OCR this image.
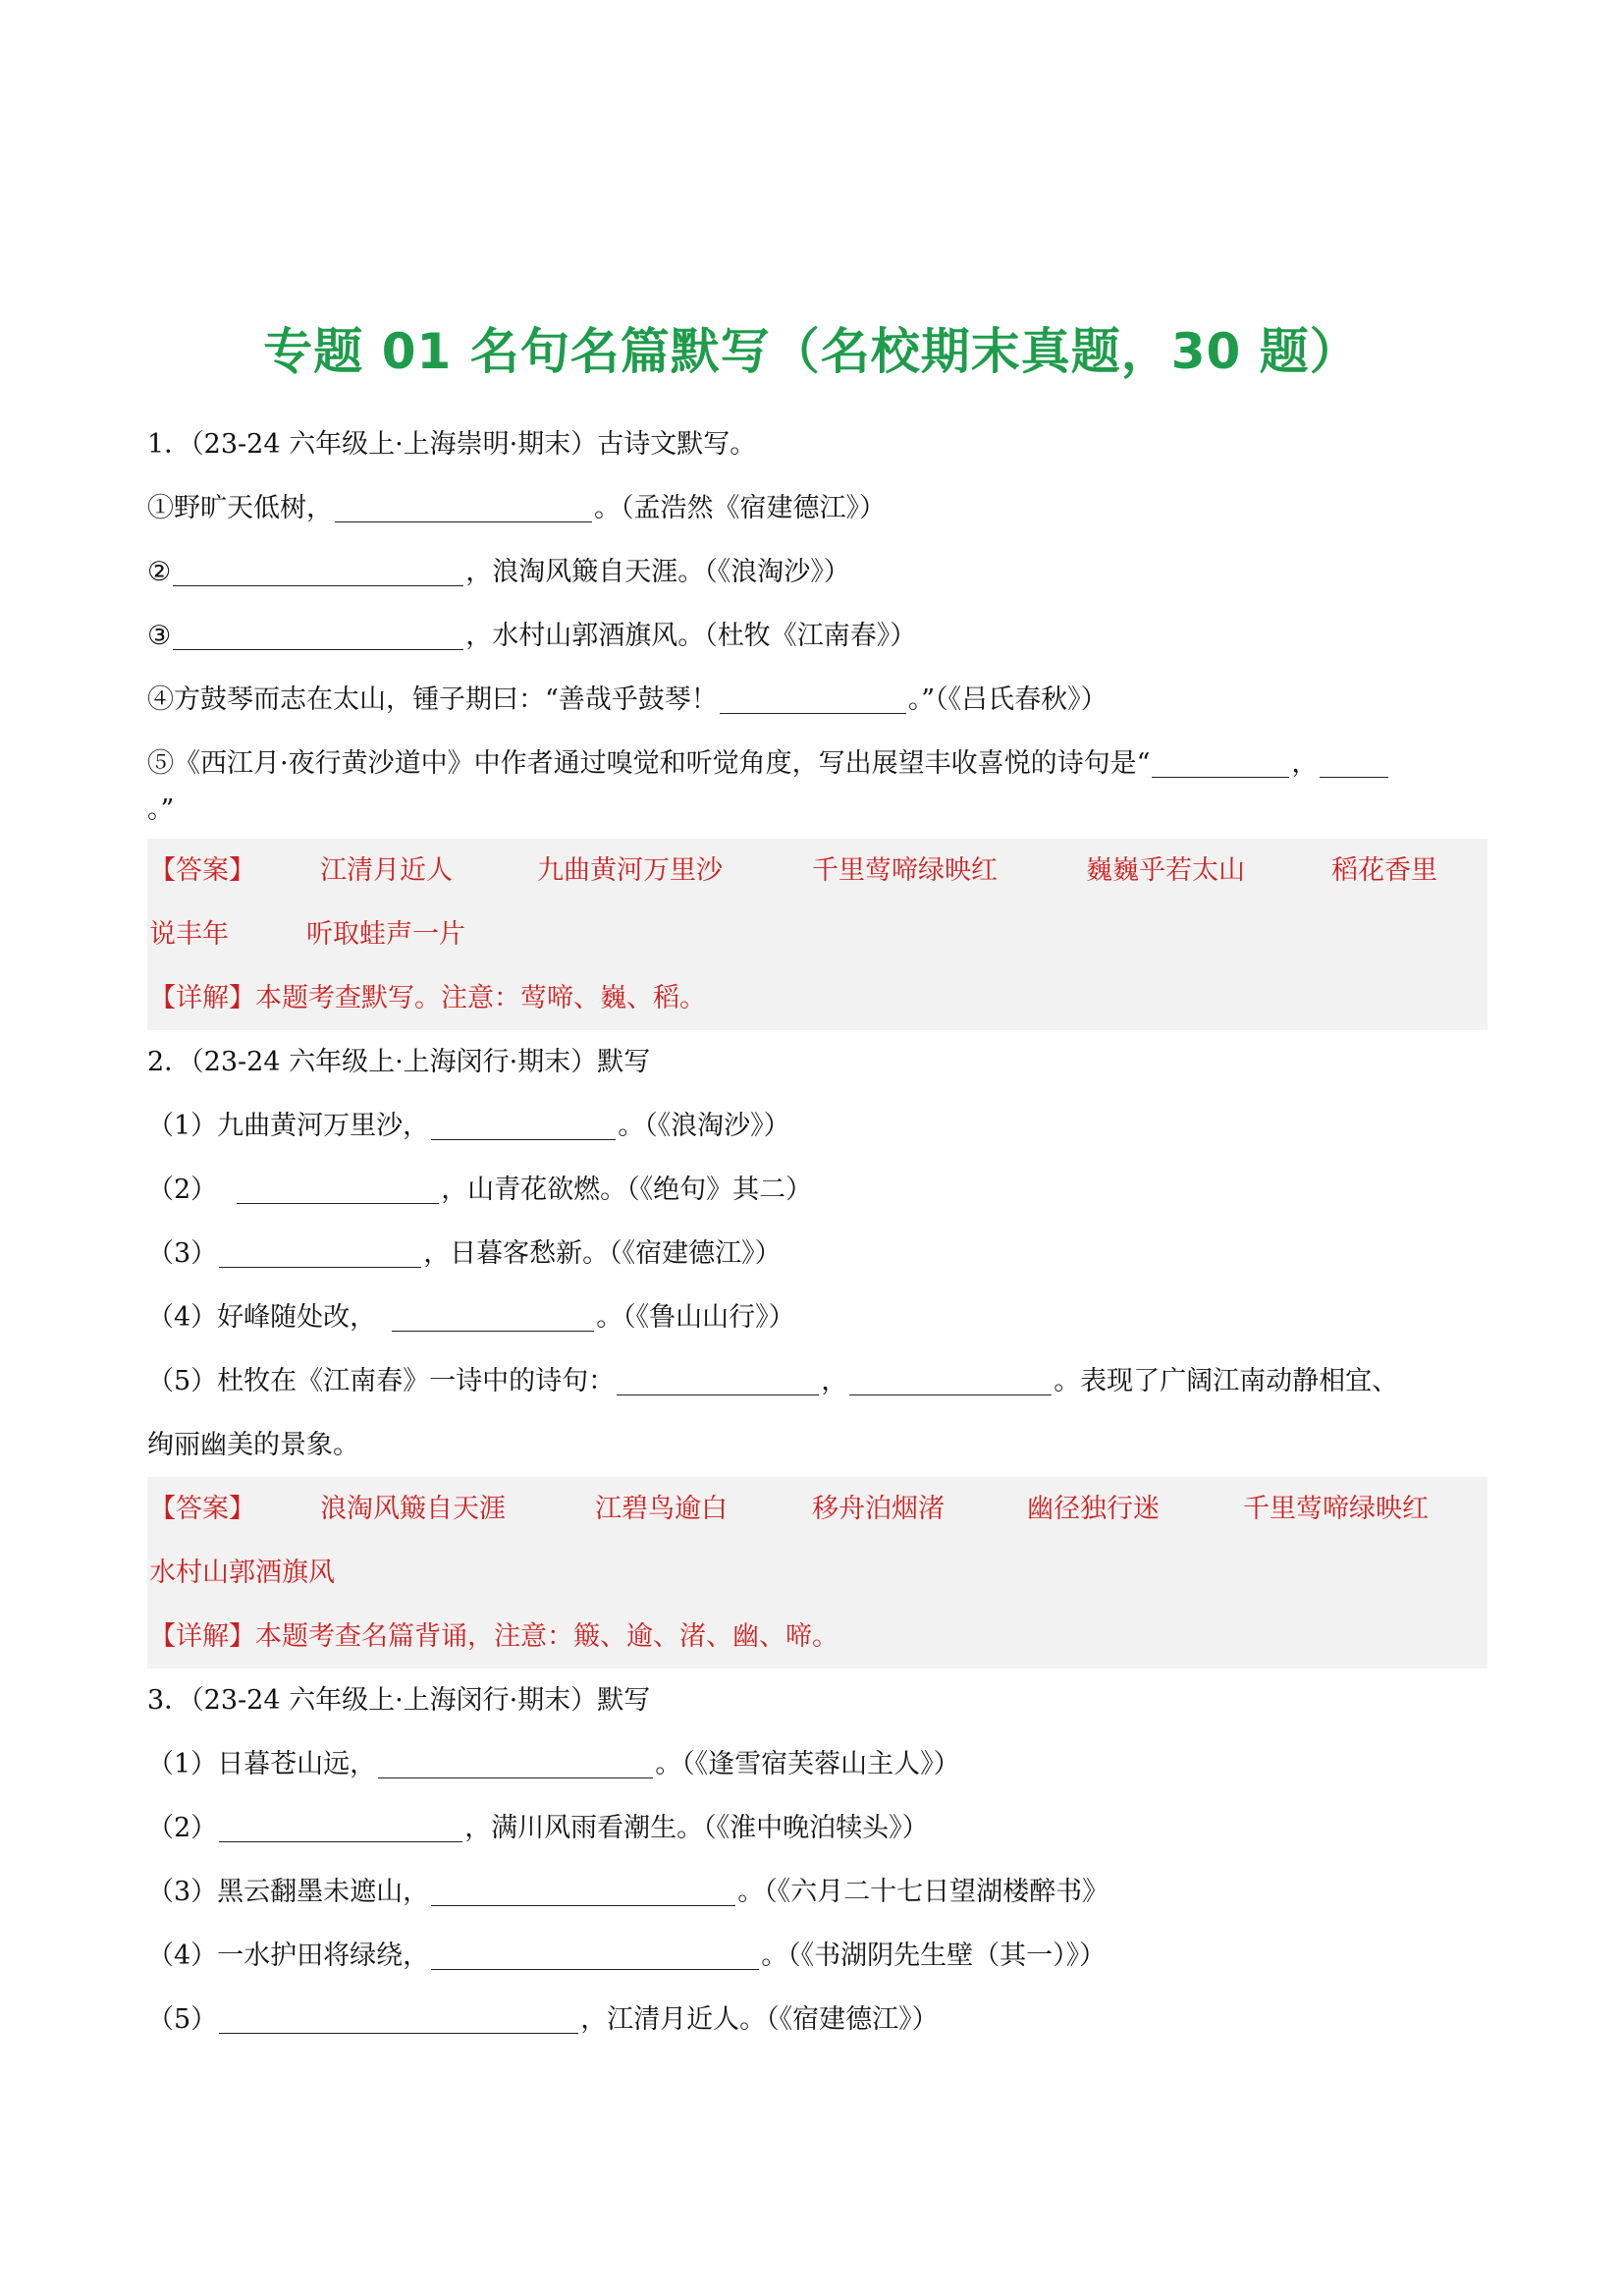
专题 01 名句名篇默写（名校期末真题，30 题）
1．（23-24 六年级上·上海崇明·期末）古诗文默写。
①野旷天低树，	。（孟浩然《宿建德江》）
②	，浪淘风簸自天涯。（《浪淘沙》）
③	，水村山郭酒旗风。（杜牧《江南春》）
④方鼓琴而志在太山，锺子期曰：“善哉乎鼓琴！	。”（《吕氏春秋》）
⑤《西江月·夜行黄沙道中》中作者通过嗅觉和听觉角度，写出展望丰收喜悦的诗句是“	，
。”
【答案】 江清月近人	九曲黄河万里沙	千里莺啼绿映红	巍巍乎若太山	稻花香里
说丰年	听取蛙声一片
【详解】本题考查默写。注意：莺啼、巍、稻。
2．（23-24 六年级上·上海闵行·期末）默写
（1）九曲黄河万里沙，	。（《浪淘沙》）
（2）	，山青花欲燃。（《绝句》其二）
（3）	，日暮客愁新。（《宿建德江》）
（4）好峰随处改，	。（《鲁山山行》）
（5）杜牧在《江南春》一诗中的诗句：	，	。表现了广阔江南动静相宜、
绚丽幽美的景象。
【答案】 浪淘风簸自天涯	江碧鸟逾白	移舟泊烟渚	幽径独行迷	千里莺啼绿映红
水村山郭酒旗风
【详解】本题考查名篇背诵，注意：簸、逾、渚、幽、啼。
3．（23-24 六年级上·上海闵行·期末）默写
（1）日暮苍山远，	。（《逢雪宿芙蓉山主人》）
（2）	，满川风雨看潮生。（《淮中晚泊犊头》）
（3）黑云翻墨未遮山，	。（《六月二十七日望湖楼醉书》
（4）一水护田将绿绕，	。（《书湖阴先生壁（其一）》）
（5）	，江清月近人。（《宿建德江》）
